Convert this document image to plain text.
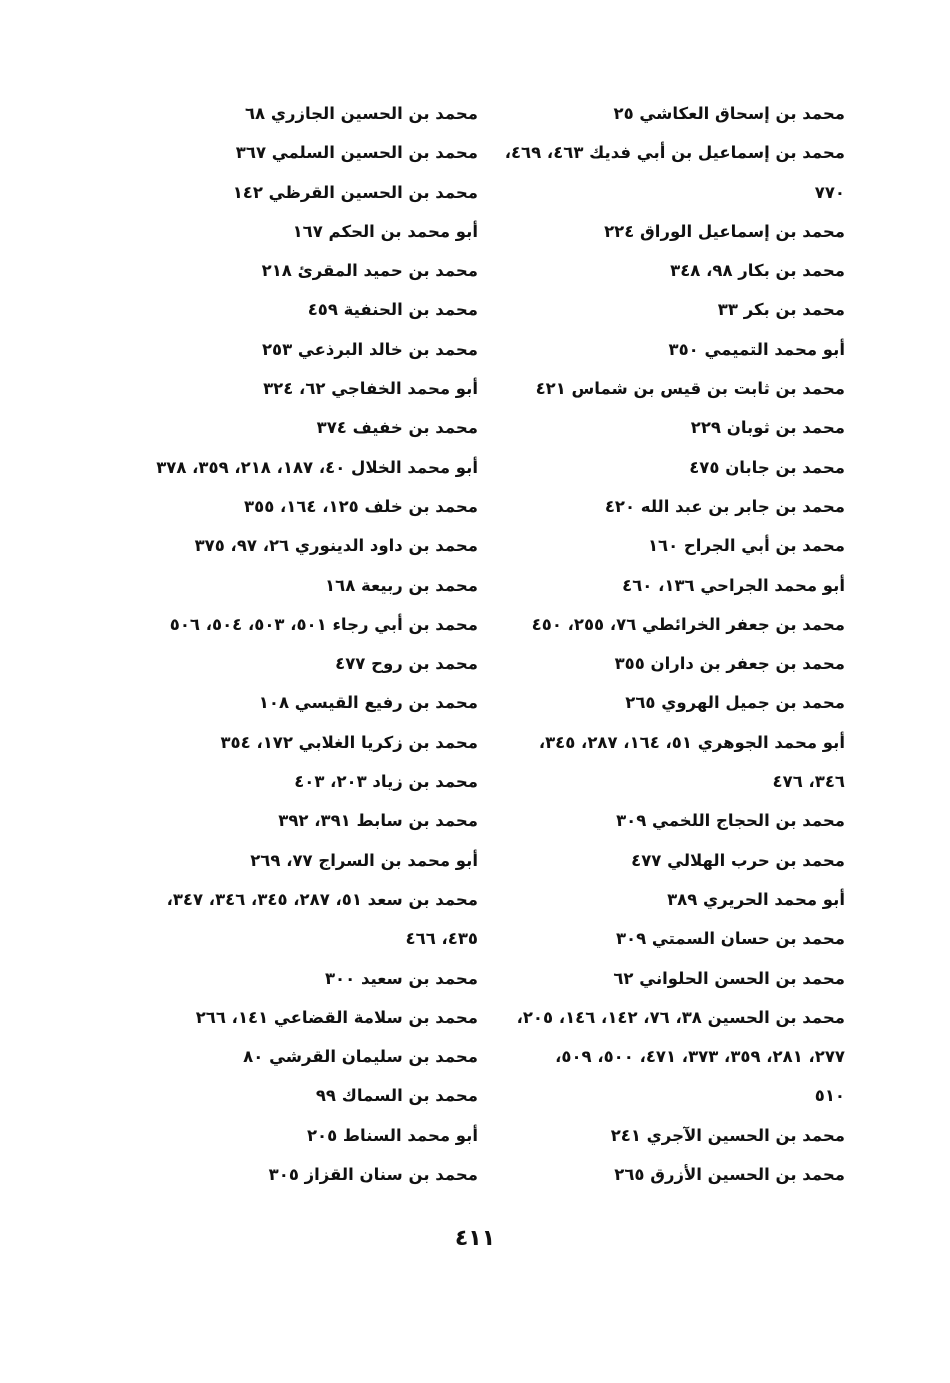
محمد بن إسحاق العكاشي ٢٥
محمد بن إسماعيل بن أبي فديك ٤٦٣، ٤٦٩،
٧٧٠
محمد بن إسماعيل الوراق ٢٢٤
محمد بن بكار ٩٨، ٣٤٨
محمد بن بكر ٣٣
أبو محمد التميمي ٣٥٠
محمد بن ثابت بن قيس بن شماس ٤٢١
محمد بن ثوبان ٢٢٩
محمد بن جابان ٤٧٥
محمد بن جابر بن عبد الله ٤٢٠
محمد بن أبي الجراح ١٦٠
أبو محمد الجراحي ١٣٦، ٤٦٠
محمد بن جعفر الخرائطي ٧٦، ٢٥٥، ٤٥٠
محمد بن جعفر بن داران ٣٥٥
محمد بن جميل الهروي ٢٦٥
أبو محمد الجوهري ٥١، ١٦٤، ٢٨٧، ٣٤٥،
٣٤٦، ٤٧٦
محمد بن الحجاج اللخمي ٣٠٩
محمد بن حرب الهلالي ٤٧٧
أبو محمد الحريري ٣٨٩
محمد بن حسان السمتي ٣٠٩
محمد بن الحسن الحلواني ٦٢
محمد بن الحسين ٣٨، ٧٦، ١٤٢، ١٤٦، ٢٠٥،
٢٧٧، ٢٨١، ٣٥٩، ٣٧٣، ٤٧١، ٥٠٠، ٥٠٩،
٥١٠
محمد بن الحسين الآجري ٢٤١
محمد بن الحسين الأزرق ٢٦٥
محمد بن الحسين الجازري ٦٨
محمد بن الحسين السلمي ٣٦٧
محمد بن الحسين القرظي ١٤٢
أبو محمد بن الحكم ١٦٧
محمد بن حميد المقرئ ٢١٨
محمد بن الحنفية ٤٥٩
محمد بن خالد البرذعي ٢٥٣
أبو محمد الخفاجي ٦٢، ٣٢٤
محمد بن خفيف ٣٧٤
أبو محمد الخلال ٤٠، ١٨٧، ٢١٨، ٣٥٩، ٣٧٨
محمد بن خلف ١٢٥، ١٦٤، ٣٥٥
محمد بن داود الدينوري ٢٦، ٩٧، ٣٧٥
محمد بن ربيعة ١٦٨
محمد بن أبي رجاء ٥٠١، ٥٠٣، ٥٠٤، ٥٠٦
محمد بن روح ٤٧٧
محمد بن رفيع القيسي ١٠٨
محمد بن زكريا الغلابي ١٧٢، ٣٥٤
محمد بن زياد ٢٠٣، ٤٠٣
محمد بن سابط ٣٩١، ٣٩٢
أبو محمد بن السراج ٧٧، ٢٦٩
محمد بن سعد ٥١، ٢٨٧، ٣٤٥، ٣٤٦، ٣٤٧،
٤٣٥، ٤٦٦
محمد بن سعيد ٣٠٠
محمد بن سلامة القضاعي ١٤١، ٢٦٦
محمد بن سليمان القرشي ٨٠
محمد بن السماك ٩٩
أبو محمد السناط ٢٠٥
محمد بن سنان القزاز ٣٠٥
٤١١
